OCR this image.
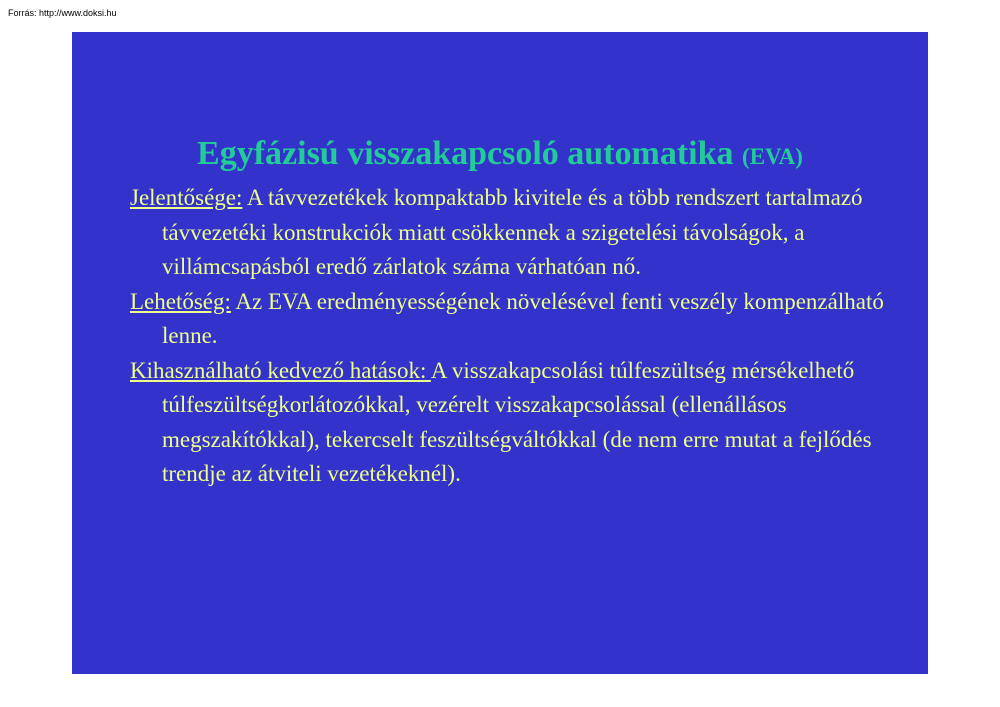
Forrás: http://www.doksi.hu
Egyfázisú visszakapcsoló automatika (EVA)

Jelentősége: A távvezetékek kompaktabb kivitele és a több rendszert tartalmazó távvezetéki konstrukciók miatt csökkennek a szigetelési távolságok, a villámcsapásból eredő zárlatok száma várhatóan nő.

Lehetőség: Az EVA eredményességének növelésével fenti veszély kompenzálható lenne.

Kihasználható kedvező hatások: A visszakapcsolási túlfeszültség mérsékelhető túlfeszültségkorlátozókkal, vezérelt visszakapcsolással (ellenállásos megszakítókkal), tekercselt feszültségváltókkal (de nem erre mutat a fejlődés trendje az átviteli vezetékeknél).
